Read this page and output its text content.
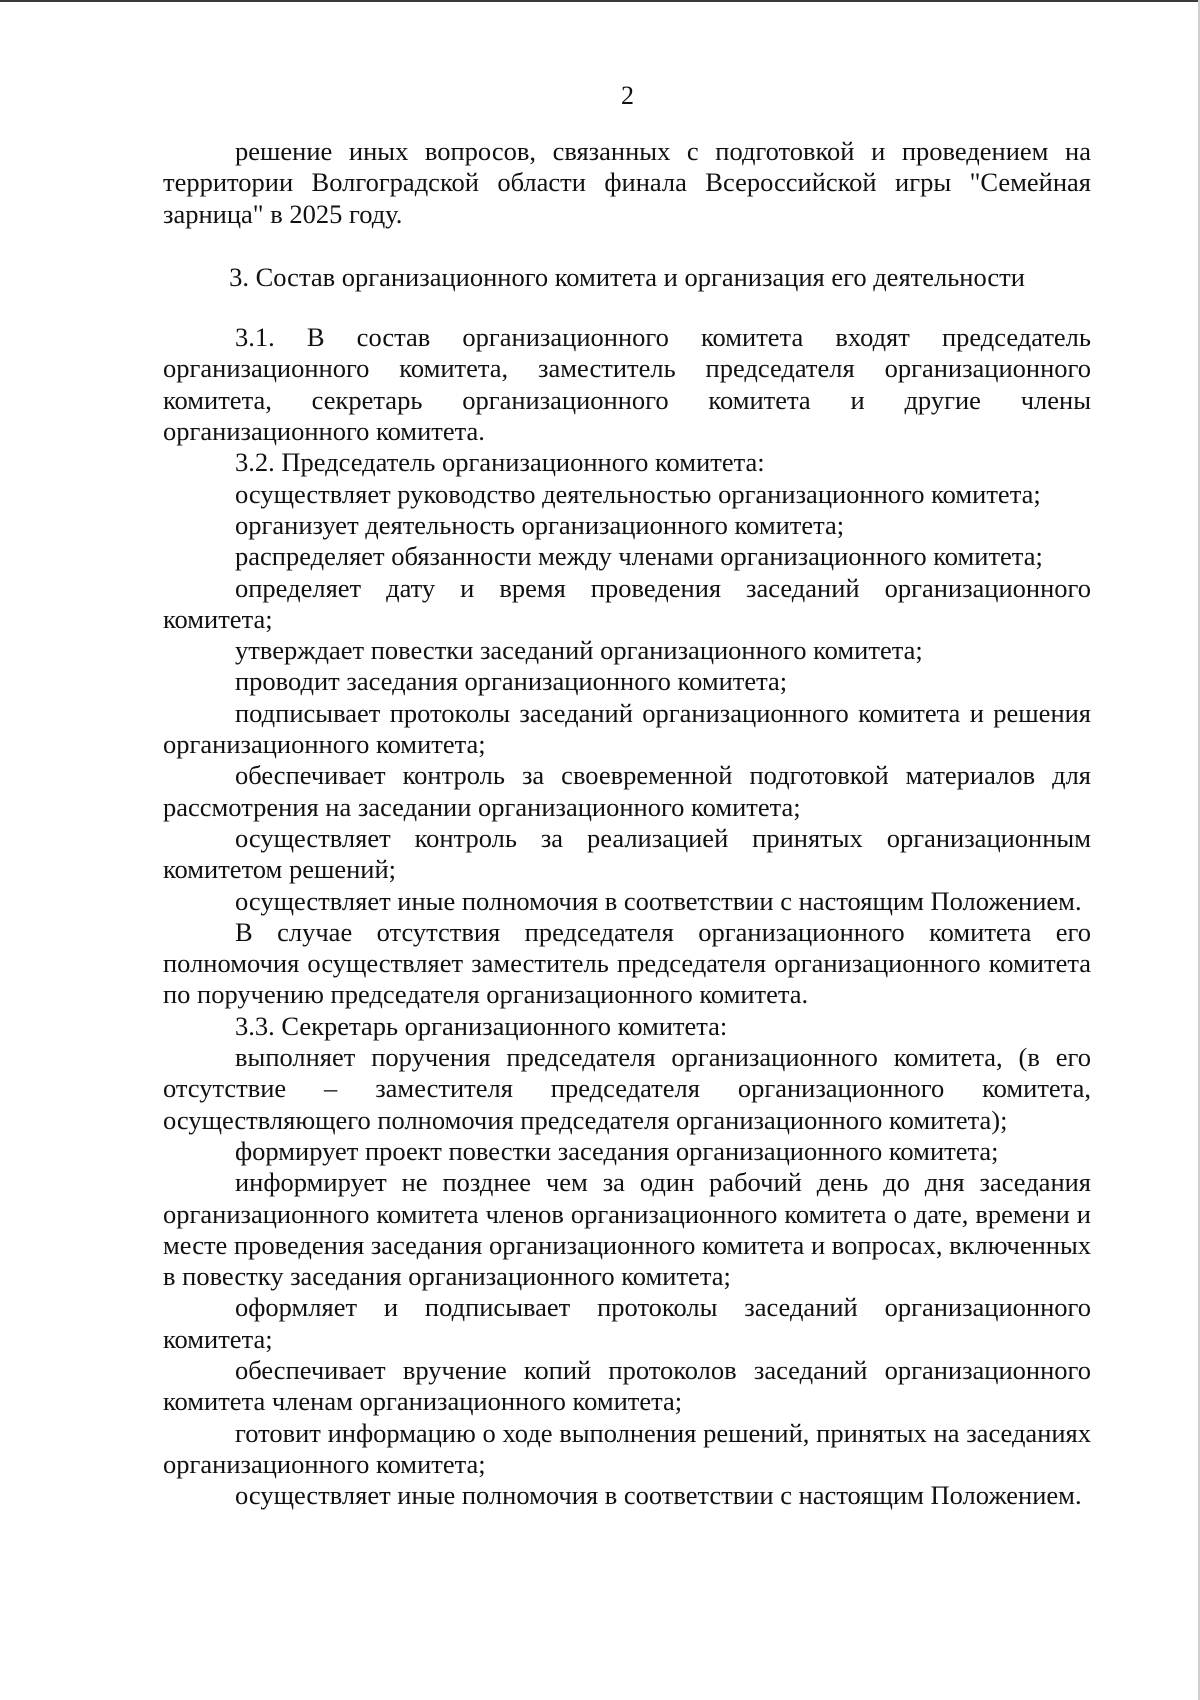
2

решение иных вопросов, связанных с подготовкой и проведением на территории Волгоградской области финала Всероссийской игры "Семейная зарница" в 2025 году.

3. Состав организационного комитета и организация его деятельности

3.1. В состав организационного комитета входят председатель организационного комитета, заместитель председателя организационного комитета, секретарь организационного комитета и другие члены организационного комитета.

3.2. Председатель организационного комитета:

осуществляет руководство деятельностью организационного комитета;

организует деятельность организационного комитета;

распределяет обязанности между членами организационного комитета;

определяет дату и время проведения заседаний организационного комитета;

утверждает повестки заседаний организационного комитета;

проводит заседания организационного комитета;

подписывает протоколы заседаний организационного комитета и решения организационного комитета;

обеспечивает контроль за своевременной подготовкой материалов для рассмотрения на заседании организационного комитета;

осуществляет контроль за реализацией принятых организационным комитетом решений;

осуществляет иные полномочия в соответствии с настоящим Положением.

В случае отсутствия председателя организационного комитета его полномочия осуществляет заместитель председателя организационного комитета по поручению председателя организационного комитета.

3.3. Секретарь организационного комитета:

выполняет поручения председателя организационного комитета, (в его отсутствие – заместителя председателя организационного комитета, осуществляющего полномочия председателя организационного комитета);

формирует проект повестки заседания организационного комитета;

информирует не позднее чем за один рабочий день до дня заседания организационного комитета членов организационного комитета о дате, времени и месте проведения заседания организационного комитета и вопросах, включенных в повестку заседания организационного комитета;

оформляет и подписывает протоколы заседаний организационного комитета;

обеспечивает вручение копий протоколов заседаний организационного комитета членам организационного комитета;

готовит информацию о ходе выполнения решений, принятых на заседаниях организационного комитета;

осуществляет иные полномочия в соответствии с настоящим Положением.
